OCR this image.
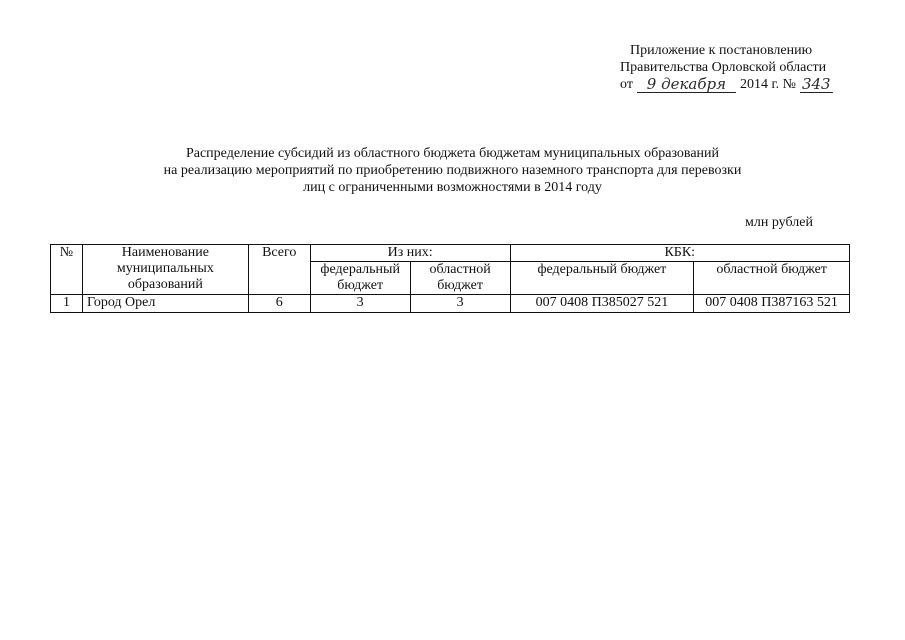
Приложение к постановлению
Правительства Орловской области
от 9 декабря 2014 г. № 343
Распределение субсидий из областного бюджета бюджетам муниципальных образований
на реализацию мероприятий по приобретению подвижного наземного транспорта для перевозки
лиц с ограниченными возможностями в 2014 году
млн рублей
№	Наименование муниципальных образований	Всего	Из них:		КБК:	
			федеральный бюджет	областной бюджет	федеральный бюджет	областной бюджет
1	Город Орел	6	3	3	007 0408 П385027 521	007 0408 П387163 521
